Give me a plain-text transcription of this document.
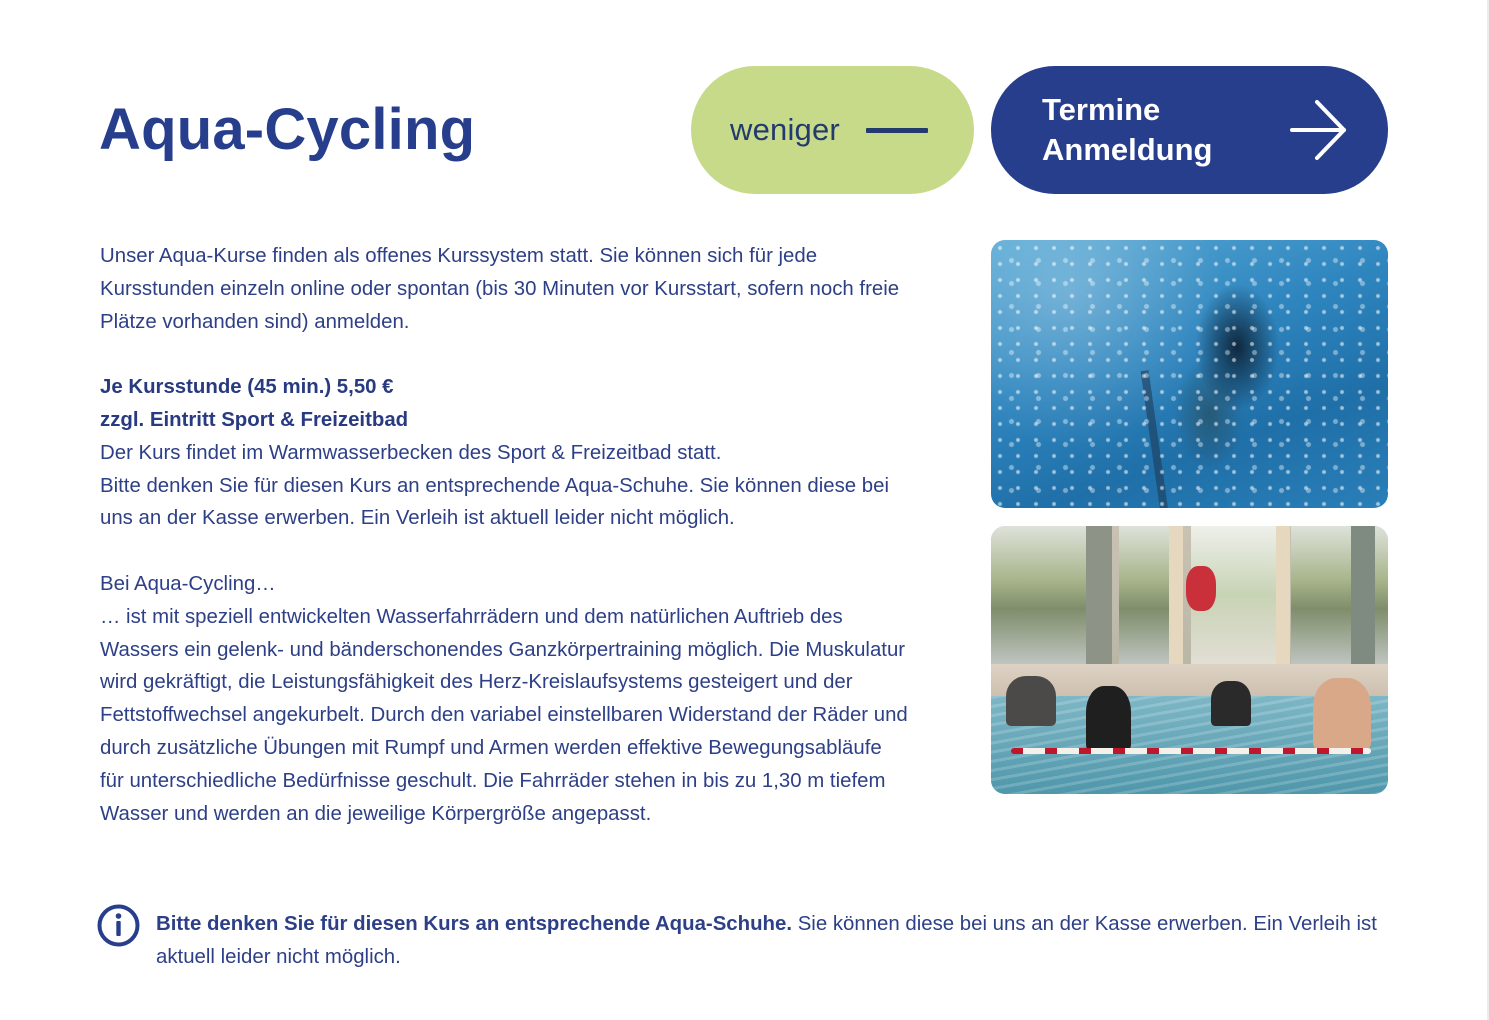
Aqua-Cycling	weniger
Termine
Anmeldung

Unser Aqua-Kurse finden als offenes Kurssystem statt. Sie können sich für jede Kursstunden einzeln online oder spontan (bis 30 Minuten vor Kursstart, sofern noch freie Plätze vorhanden sind) anmelden.

Je Kursstunde (45 min.) 5,50 €

zzgl. Eintritt Sport & Freizeitbad

Der Kurs findet im Warmwasserbecken des Sport & Freizeitbad statt.

Bitte denken Sie für diesen Kurs an entsprechende Aqua-Schuhe. Sie können diese bei uns an der Kasse erwerben. Ein Verleih ist aktuell leider nicht möglich.

Bei Aqua-Cycling…

… ist mit speziell entwickelten Wasserfahrrädern und dem natürlichen Auftrieb des Wassers ein gelenk- und bänderschonendes Ganzkörpertraining möglich. Die Muskulatur wird gekräftigt, die Leistungsfähigkeit des Herz-Kreislaufsystems gesteigert und der Fettstoffwechsel angekurbelt. Durch den variabel einstellbaren Widerstand der Räder und durch zusätzliche Übungen mit Rumpf und Armen werden effektive Bewegungsabläufe für unterschiedliche Bedürfnisse geschult. Die Fahrräder stehen in bis zu 1,30 m tiefem Wasser und werden an die jeweilige Körpergröße angepasst.

Bitte denken Sie für diesen Kurs an entsprechende Aqua-Schuhe. Sie können diese bei uns an der Kasse erwerben. Ein Verleih ist aktuell leider nicht möglich.
